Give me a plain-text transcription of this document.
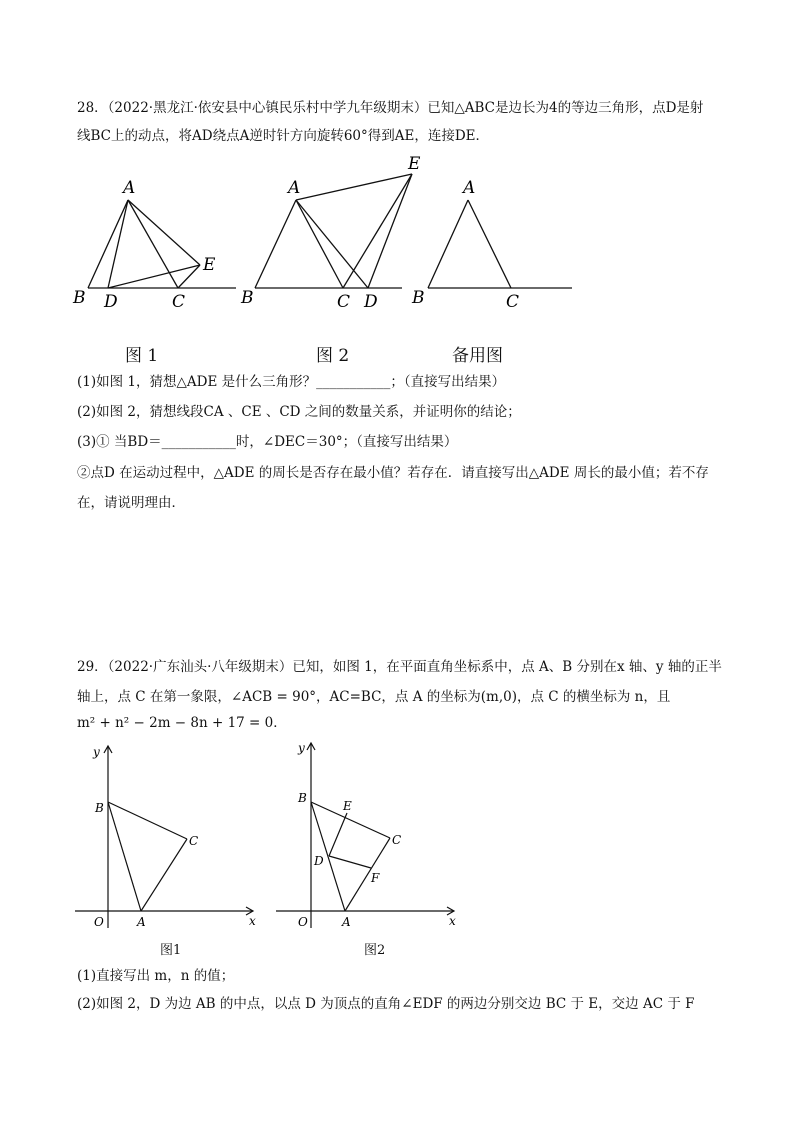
28．（2022·黑龙江·依安县中心镇民乐村中学九年级期末）已知△ABC是边长为4的等边三角形，点D是射
线BC上的动点，将AD绕点A逆时针方向旋转60°得到AE，连接DE．
A
E
B D	C
A
E
B	C D
A
B	C
图 1	图 2	备用图
(1)如图 1，猜想△ADE 是什么三角形？___________；（直接写出结果）
(2)如图 2，猜想线段CA 、CE 、CD 之间的数量关系，并证明你的结论；
(3)① 当BD＝___________时，∠DEC＝30°；（直接写出结果）
②点D 在运动过程中，△ADE 的周长是否存在最小值？若存在．请直接写出△ADE 周长的最小值；若不存
在，请说明理由．
29．（2022·广东汕头·八年级期末）已知，如图 1，在平面直角坐标系中，点 A、B 分别在x 轴、y 轴的正半
轴上，点 C 在第一象限，∠ACB = 90°，AC=BC，点 A 的坐标为(m,0)，点 C 的横坐标为 n，且
m² + n² − 2m − 8n + 17 = 0．
y
B
C
O	A	x
y
B
E
C
D
F
O	A	x
图1	图2
(1)直接写出 m，n 的值；
(2)如图 2，D 为边 AB 的中点，以点 D 为顶点的直角∠EDF 的两边分别交边 BC 于 E，交边 AC 于 F
